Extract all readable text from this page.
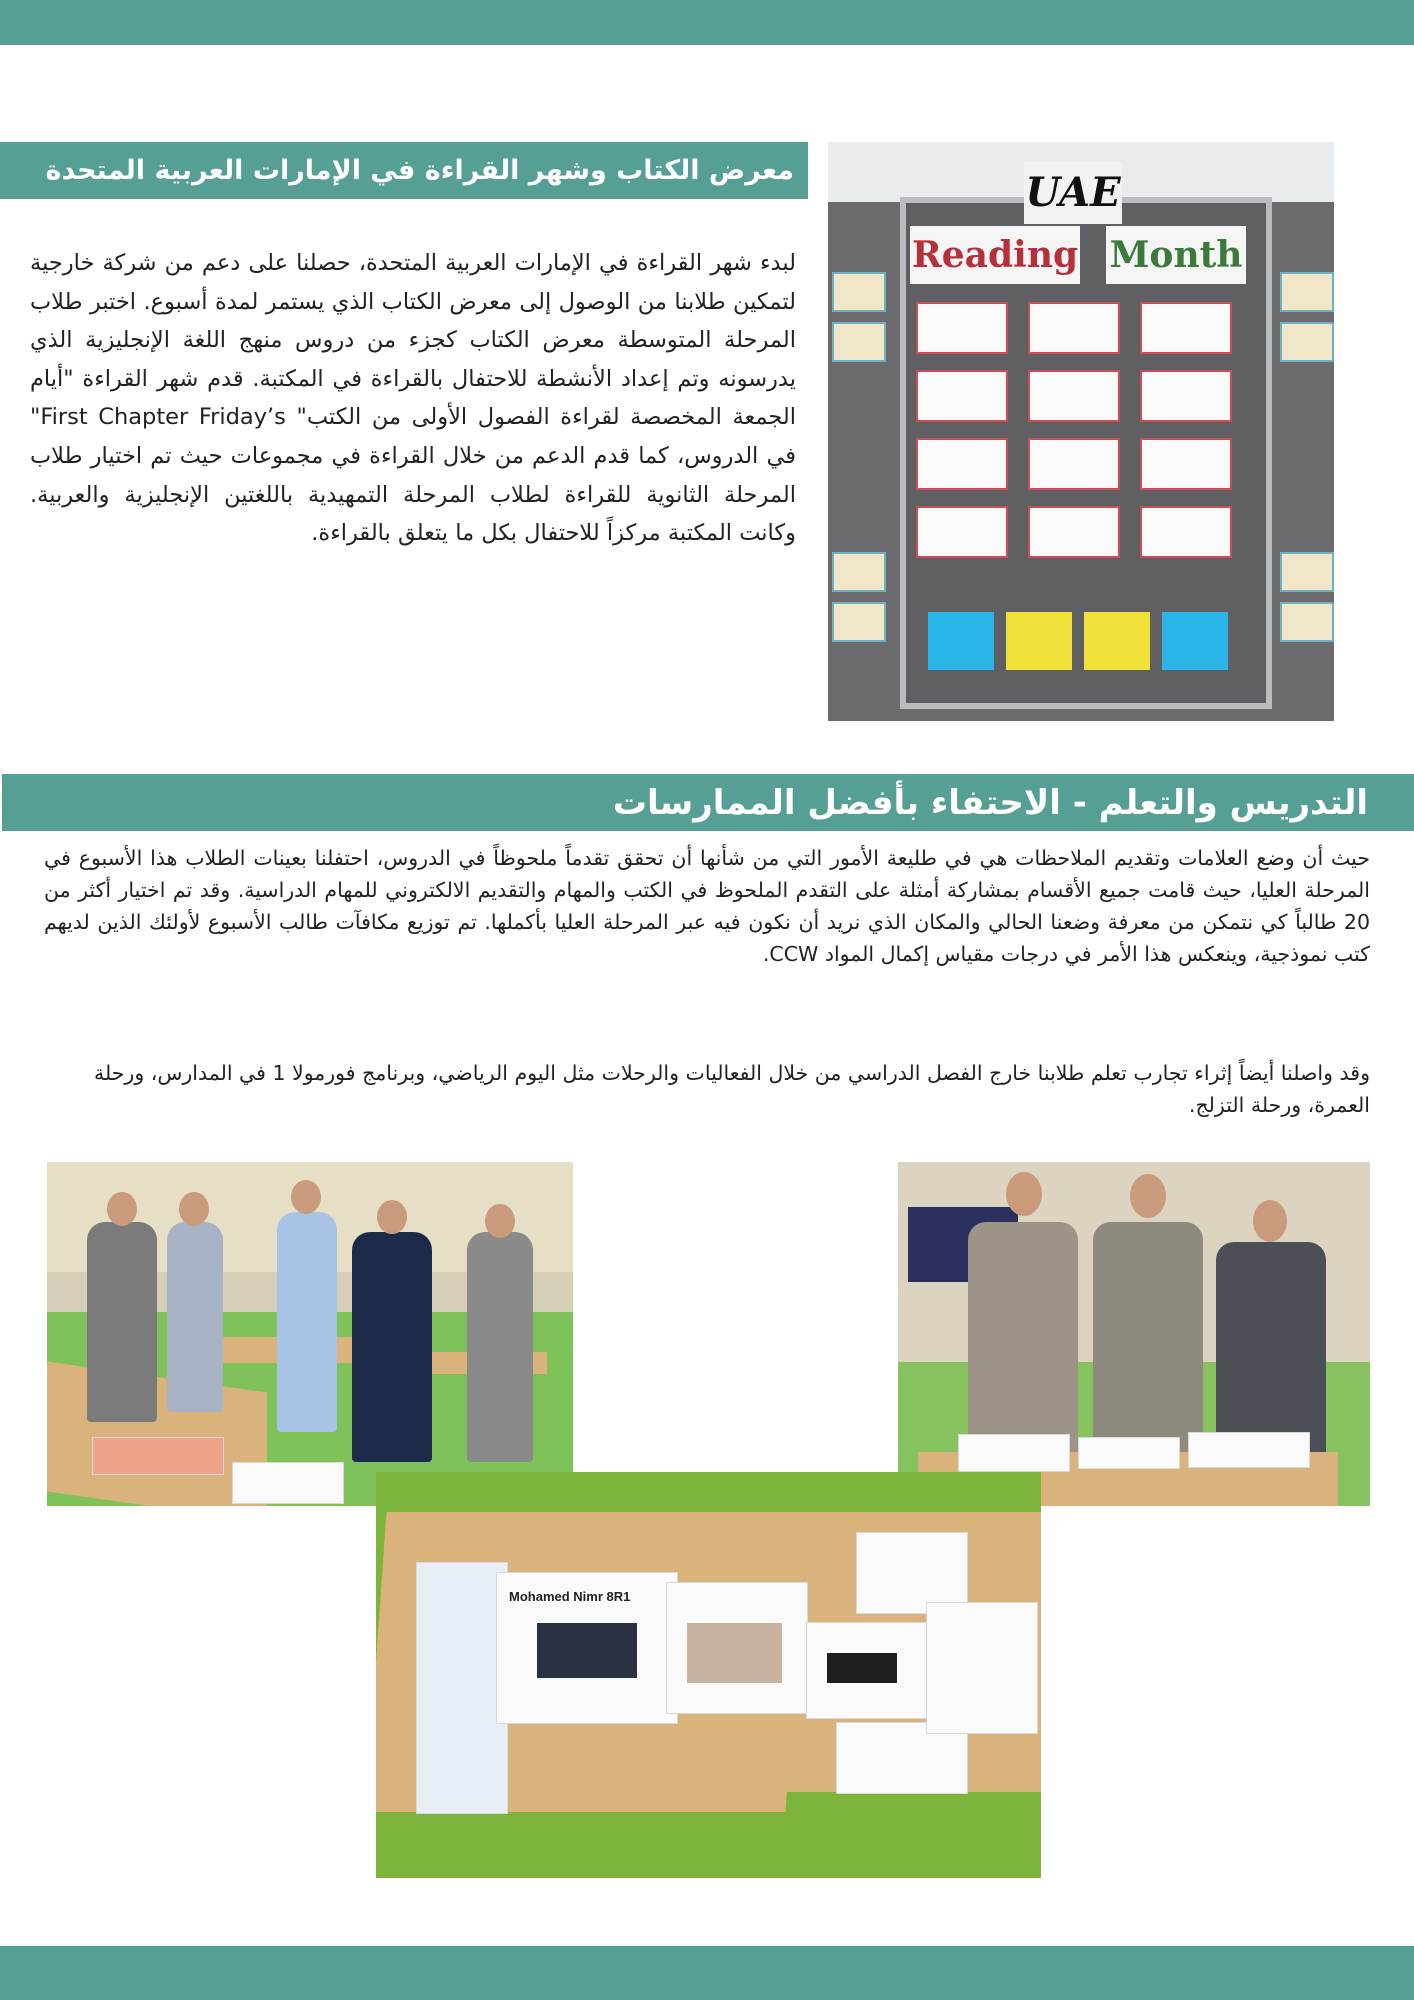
معرض الكتاب وشهر القراءة في الإمارات العربية المتحدة

لبدء شهر القراءة في الإمارات العربية المتحدة، حصلنا على دعم من شركة خارجية لتمكين طلابنا من الوصول إلى معرض الكتاب الذي يستمر لمدة أسبوع. اختبر طلاب المرحلة المتوسطة معرض الكتاب كجزء من دروس منهج اللغة الإنجليزية الذي يدرسونه وتم إعداد الأنشطة للاحتفال بالقراءة في المكتبة. قدم شهر القراءة "أيام الجمعة المخصصة لقراءة الفصول الأولى من الكتب" First Chapter Friday’s" في الدروس، كما قدم الدعم من خلال القراءة في مجموعات حيث تم اختيار طلاب المرحلة الثانوية للقراءة لطلاب المرحلة التمهيدية باللغتين الإنجليزية والعربية. وكانت المكتبة مركزاً للاحتفال بكل ما يتعلق بالقراءة.

UAE
Reading Month
التدريس والتعلم - الاحتفاء بأفضل الممارسات

حيث أن وضع العلامات وتقديم الملاحظات هي في طليعة الأمور التي من شأنها أن تحقق تقدماً ملحوظاً في الدروس، احتفلنا بعينات الطلاب هذا الأسبوع في المرحلة العليا، حيث قامت جميع الأقسام بمشاركة أمثلة على التقدم الملحوظ في الكتب والمهام والتقديم الالكتروني للمهام الدراسية. وقد تم اختيار أكثر من 20 طالباً كي نتمكن من معرفة وضعنا الحالي والمكان الذي نريد أن نكون فيه عبر المرحلة العليا بأكملها. تم توزيع مكافآت طالب الأسبوع لأولئك الذين لديهم كتب نموذجية، وينعكس هذا الأمر في درجات مقياس إكمال المواد CCW.

وقد واصلنا أيضاً إثراء تجارب تعلم طلابنا خارج الفصل الدراسي من خلال الفعاليات والرحلات مثل اليوم الرياضي، وبرنامج فورمولا 1 في المدارس، ورحلة العمرة، ورحلة التزلج.

Mohamed Nimr 8R1
